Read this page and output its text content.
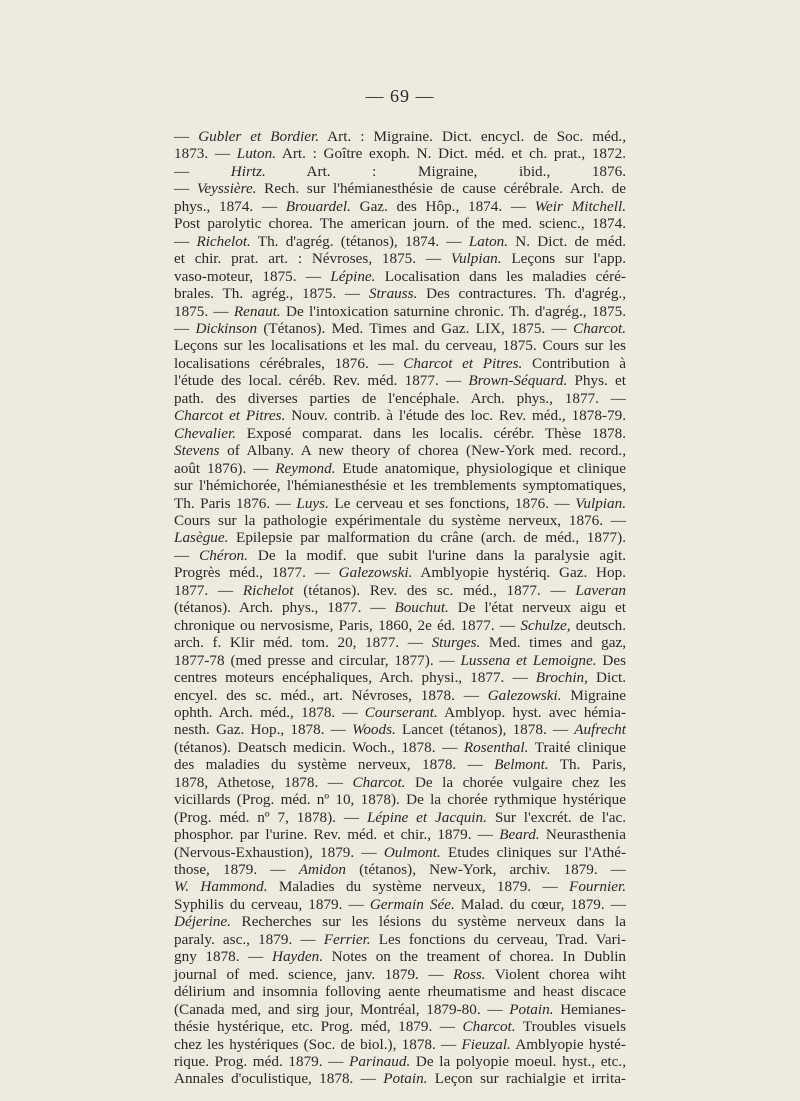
— 69 —
— Gubler et Bordier. Art. : Migraine. Dict. encycl. de Soc. méd.,
1873. — Luton. Art. : Goître exoph. N. Dict. méd. et ch. prat., 1872.
— Hirtz. Art. : Migraine, ibid., 1876.
— Veyssière. Rech. sur l'hémianesthésie de cause cérébrale. Arch. de
phys., 1874. — Brouardel. Gaz. des Hôp., 1874. — Weir Mitchell.
Post parolytic chorea. The american journ. of the med. scienc., 1874.
— Richelot. Th. d'agrég. (tétanos), 1874. — Laton. N. Dict. de méd.
et chir. prat. art. : Névroses, 1875. — Vulpian. Leçons sur l'app.
vaso-moteur, 1875. — Lépine. Localisation dans les maladies céré-
brales. Th. agrég., 1875. — Strauss. Des contractures. Th. d'agrég.,
1875. — Renaut. De l'intoxication saturnine chronic. Th. d'agrég., 1875.
— Dickinson (Tétanos). Med. Times and Gaz. LIX, 1875. — Charcot.
Leçons sur les localisations et les mal. du cerveau, 1875. Cours sur les
localisations cérébrales, 1876. — Charcot et Pitres. Contribution à
l'étude des local. céréb. Rev. méd. 1877. — Brown-Séquard. Phys. et
path. des diverses parties de l'encéphale. Arch. phys., 1877. —
Charcot et Pitres. Nouv. contrib. à l'étude des loc. Rev. méd., 1878-79.
Chevalier. Exposé comparat. dans les localis. cérébr. Thèse 1878.
Stevens of Albany. A new theory of chorea (New-York med. record.,
août 1876). — Reymond. Etude anatomique, physiologique et clinique
sur l'hémichorée, l'hémianesthésie et les tremblements symptomatiques,
Th. Paris 1876. — Luys. Le cerveau et ses fonctions, 1876. — Vulpian.
Cours sur la pathologie expérimentale du système nerveux, 1876. —
Lasègue. Epilepsie par malformation du crâne (arch. de méd., 1877).
— Chéron. De la modif. que subit l'urine dans la paralysie agit.
Progrès méd., 1877. — Galezowski. Amblyopie hystériq. Gaz. Hop.
1877. — Richelot (tétanos). Rev. des sc. méd., 1877. — Laveran
(tétanos). Arch. phys., 1877. — Bouchut. De l'état nerveux aigu et
chronique ou nervosisme, Paris, 1860, 2e éd. 1877. — Schulze, deutsch.
arch. f. Klir méd. tom. 20, 1877. — Sturges. Med. times and gaz,
1877-78 (med presse and circular, 1877). — Lussena et Lemoigne. Des
centres moteurs encéphaliques, Arch. physi., 1877. — Brochin, Dict.
encyel. des sc. méd., art. Névroses, 1878. — Galezowski. Migraine
ophth. Arch. méd., 1878. — Courserant. Amblyop. hyst. avec hémia-
nesth. Gaz. Hop., 1878. — Woods. Lancet (tétanos), 1878. — Aufrecht
(tétanos). Deatsch medicin. Woch., 1878. — Rosenthal. Traité clinique
des maladies du système nerveux, 1878. — Belmont. Th. Paris,
1878, Athetose, 1878. — Charcot. De la chorée vulgaire chez les
vicillards (Prog. méd. nº 10, 1878). De la chorée rythmique hystérique
(Prog. méd. nº 7, 1878). — Lépine et Jacquin. Sur l'excrét. de l'ac.
phosphor. par l'urine. Rev. méd. et chir., 1879. — Beard. Neurasthenia
(Nervous-Exhaustion), 1879. — Oulmont. Etudes cliniques sur l'Athé-
those, 1879. — Amidon (tétanos), New-York, archiv. 1879. —
W. Hammond. Maladies du système nerveux, 1879. — Fournier.
Syphilis du cerveau, 1879. — Germain Sée. Malad. du cœur, 1879. —
Déjerine. Recherches sur les lésions du système nerveux dans la
paraly. asc., 1879. — Ferrier. Les fonctions du cerveau, Trad. Vari-
gny 1878. — Hayden. Notes on the treament of chorea. In Dublin
journal of med. science, janv. 1879. — Ross. Violent chorea wiht
délirium and insomnia folloving aente rheumatisme and heast discace
(Canada med, and sirg jour, Montréal, 1879-80. — Potain. Hemianes-
thésie hystérique, etc. Prog. méd, 1879. — Charcot. Troubles visuels
chez les hystériques (Soc. de biol.), 1878. — Fieuzal. Amblyopie hysté-
rique. Prog. méd. 1879. — Parinaud. De la polyopie moeul. hyst., etc.,
Annales d'oculistique, 1878. — Potain. Leçon sur rachialgie et irrita-
